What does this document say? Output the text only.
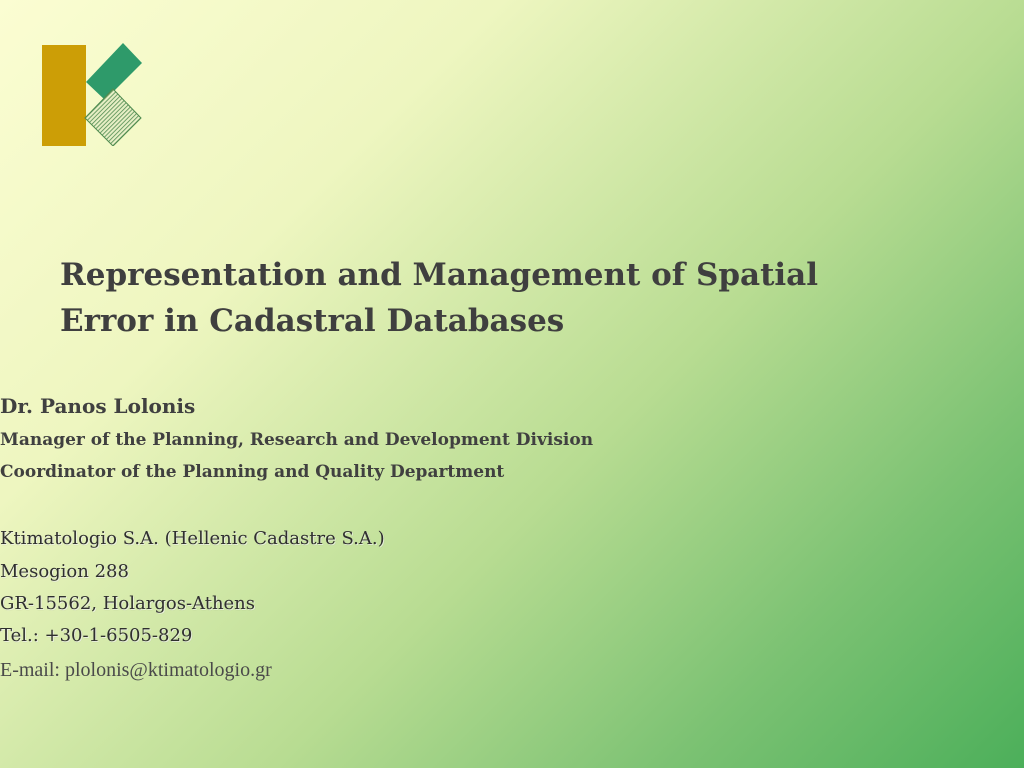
Representation and Management of Spatial
Error in Cadastral Databases
Dr. Panos Lolonis
Manager of the Planning, Research and Development Division
Coordinator of the Planning and Quality Department
Ktimatologio S.A. (Hellenic Cadastre S.A.)
Mesogion 288
GR-15562, Holargos-Athens
Tel.: +30-1-6505-829
E-mail: plolonis@ktimatologio.gr
